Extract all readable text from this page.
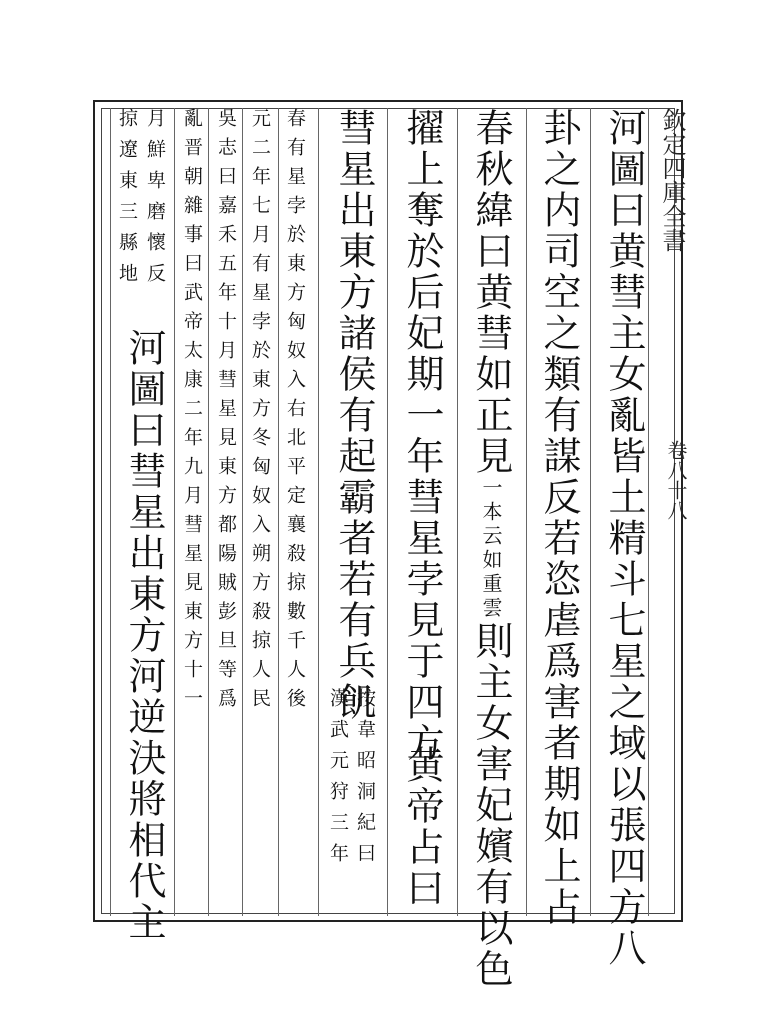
欽定四庫全書
卷八十八
河圖曰黄彗主女亂皆土精斗七星之域以張四方八
卦之内司空之類有謀反若恣虐爲害者期如上占
春秋緯曰黄彗如正見一本云如重雲則主女害妃嬪有以色
擢上奪於后妃期一年彗星孛見于四方
黄帝占曰
彗星出東方諸侯有起霸者若有兵飢
按韋昭洞紀曰
漢武元狩三年
春有星孛於東方匈奴入右北平定襄殺掠數千人後
元二年七月有星孛於東方冬匈奴入朔方殺掠人民
吳志曰嘉禾五年十月彗星見東方都陽賊彭旦等爲
亂晋朝雜事曰武帝太康二年九月彗星見東方十一
月鮮卑磨懷反
掠遼東三縣地
河圖曰彗星出東方河逆決將相代主
